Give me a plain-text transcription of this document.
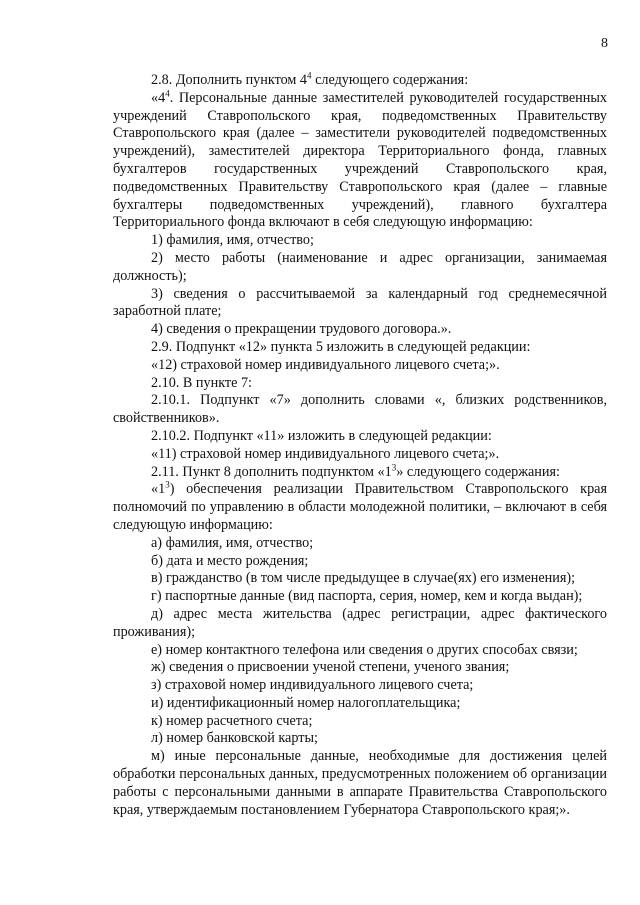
8

2.8. Дополнить пунктом $4^4$ следующего содержания:

«$4^4$. Персональные данные заместителей руководителей государственных учреждений Ставропольского края, подведомственных Правительству Ставропольского края (далее – заместители руководителей подведомственных учреждений), заместителей директора Территориального фонда, главных бухгалтеров государственных учреждений Ставропольского края, подведомственных Правительству Ставропольского края (далее – главные бухгалтеры подведомственных учреждений), главного бухгалтера Территориального фонда включают в себя следующую информацию:

1) фамилия, имя, отчество;

2) место работы (наименование и адрес организации, занимаемая должность);

3) сведения о рассчитываемой за календарный год среднемесячной заработной плате;

4) сведения о прекращении трудового договора.».

2.9. Подпункт «12» пункта 5 изложить в следующей редакции:

«12) страховой номер индивидуального лицевого счета;».

2.10. В пункте 7:

2.10.1. Подпункт «7» дополнить словами «, близких родственников, свойственников».

2.10.2. Подпункт «11» изложить в следующей редакции:

«11) страховой номер индивидуального лицевого счета;».

2.11. Пункт 8 дополнить подпунктом «$1^3$» следующего содержания:

«$1^3$) обеспечения реализации Правительством Ставропольского края полномочий по управлению в области молодежной политики, – включают в себя следующую информацию:

а) фамилия, имя, отчество;

б) дата и место рождения;

в) гражданство (в том числе предыдущее в случае(ях) его изменения);

г) паспортные данные (вид паспорта, серия, номер, кем и когда выдан);

д) адрес места жительства (адрес регистрации, адрес фактического проживания);

е) номер контактного телефона или сведения о других способах связи;

ж) сведения о присвоении ученой степени, ученого звания;

з) страховой номер индивидуального лицевого счета;

и) идентификационный номер налогоплательщика;

к) номер расчетного счета;

л) номер банковской карты;

м) иные персональные данные, необходимые для достижения целей обработки персональных данных, предусмотренных положением об организации работы с персональными данными в аппарате Правительства Ставропольского края, утверждаемым постановлением Губернатора Ставропольского края;».
